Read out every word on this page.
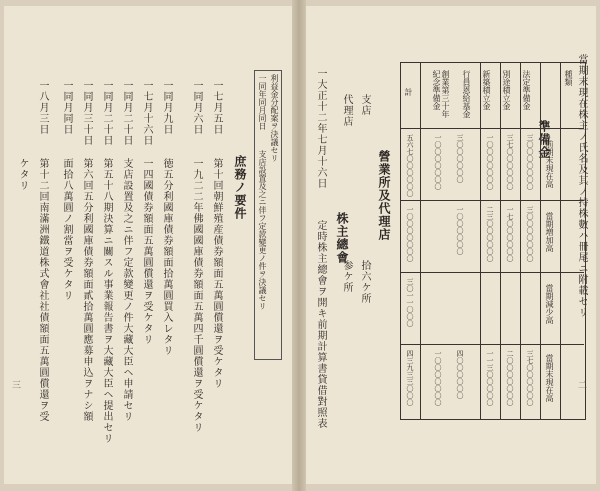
當期末現在株主ノ氏名及其ノ持株數ハ冊尾ニ附載セリ
準備金
種類
法定準備金
別途積立金
新築積立金
行員恩給基金
創業第三十年紀念準備金
計
前期末現在高
當期増加高
當期減少高
當期末現在高
三〇〇〇〇〇〇〇
三〇〇〇〇〇〇〇
三七〇〇〇〇〇〇
三七〇〇〇〇〇〇
一七〇〇〇〇〇〇
二〇〇〇〇〇〇〇
一〇〇〇〇〇〇〇
二三〇〇〇〇〇〇
一一三〇〇〇〇〇
三〇〇〇〇〇〇
一〇〇〇〇〇〇
四〇〇〇〇〇〇
一〇〇〇〇〇〇〇
一〇〇〇〇〇〇〇
五六七〇〇〇〇〇〇
一〇〇〇〇〇〇〇
三〇一一〇〇〇
四三九三三〇〇〇
營業所及代理店
支店
拾六ケ所
代理店
参ケ所
株主總會
一大正十二年七月十六日
定時株主總會ヲ開キ前期計算書貸借對照表	二
利益金分配案ヲ決議セリ
一同年同月同日
支店設置及之ニ伴フ定款變更ノ件ヲ決議セリ
庶務ノ要件
一七月五日
第十回朝鮮殖産債券額面五萬圓償還ヲ受ケタリ
一同月六日
一九二二年佛國國庫債券額面五萬四千圓償還ヲ受ケタリ
一同月九日
徳五分利國庫債券額面拾萬圓買入レタリ
一七月十六日
一四國債券額面五萬圓償還ヲ受ケタリ
一同月二十日
支店設置及之ニ伴フ定款變更ノ件大藏大臣ヘ申請セリ
一同月二十日
第五十八期決算ニ關スル事業報告書ヲ大藏大臣ヘ提出セリ
一同月三十日
第六回五分利國庫債券額面貳拾萬圓應募申込ヲナシ額
一同月同日
面拾八萬圓ノ割當ヲ受ケタリ
一八月三日
第十二回南滿洲鐵道株式會社社債額面五萬圓償還ヲ受
ケタリ
三
